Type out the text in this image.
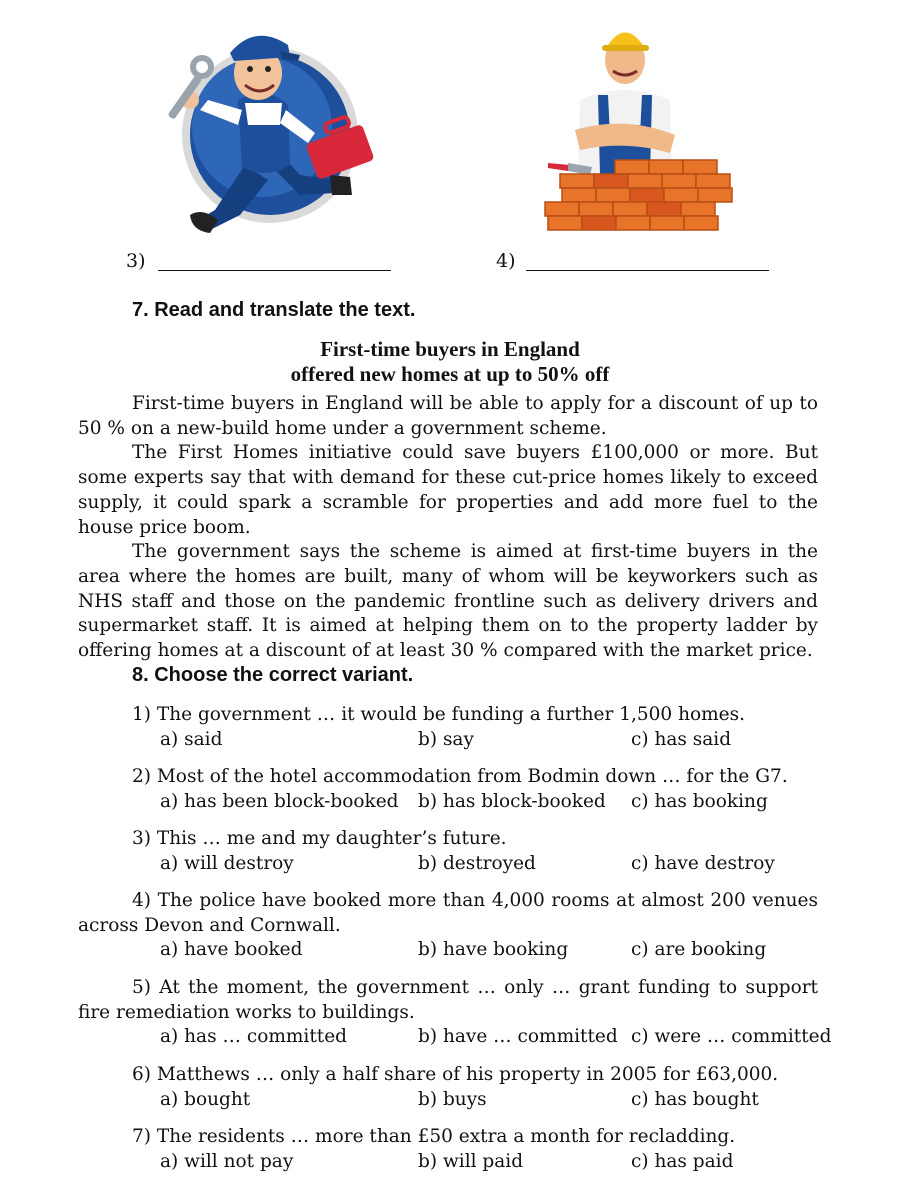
3)	4)
7. Read and translate the text.
First-time buyers in England
offered new homes at up to 50% off

First-time buyers in England will be able to apply for a discount of up to 50 % on a new-build home under a government scheme.

The First Homes initiative could save buyers £100,000 or more. But some experts say that with demand for these cut-price homes likely to exceed supply, it could spark a scramble for properties and add more fuel to the house price boom.

The government says the scheme is aimed at first-time buyers in the area where the homes are built, many of whom will be keyworkers such as NHS staff and those on the pandemic frontline such as delivery drivers and supermarket staff. It is aimed at helping them on to the property ladder by offering homes at a discount of at least 30 % compared with the market price.

8. Choose the correct variant.
1) The government … it would be funding a further 1,500 homes.
a) said	b) say	c) has said
2) Most of the hotel accommodation from Bodmin down … for the G7.
a) has been block-booked b) has block-booked c) has booking
3) This … me and my daughter’s future.
a) will destroy	b) destroyed	c) have destroy
4) The police have booked more than 4,000 rooms at almost 200 venues across Devon and Cornwall.
a) have booked	b) have booking	c) are booking
5) At the moment, the government … only … grant funding to support fire remediation works to buildings.
a) has … committed	b) have … committed c) were … committed
6) Matthews … only a half share of his property in 2005 for £63,000.
a) bought	b) buys	c) has bought
7) The residents … more than £50 extra a month for recladding.
a) will not pay	b) will paid	c) has paid
